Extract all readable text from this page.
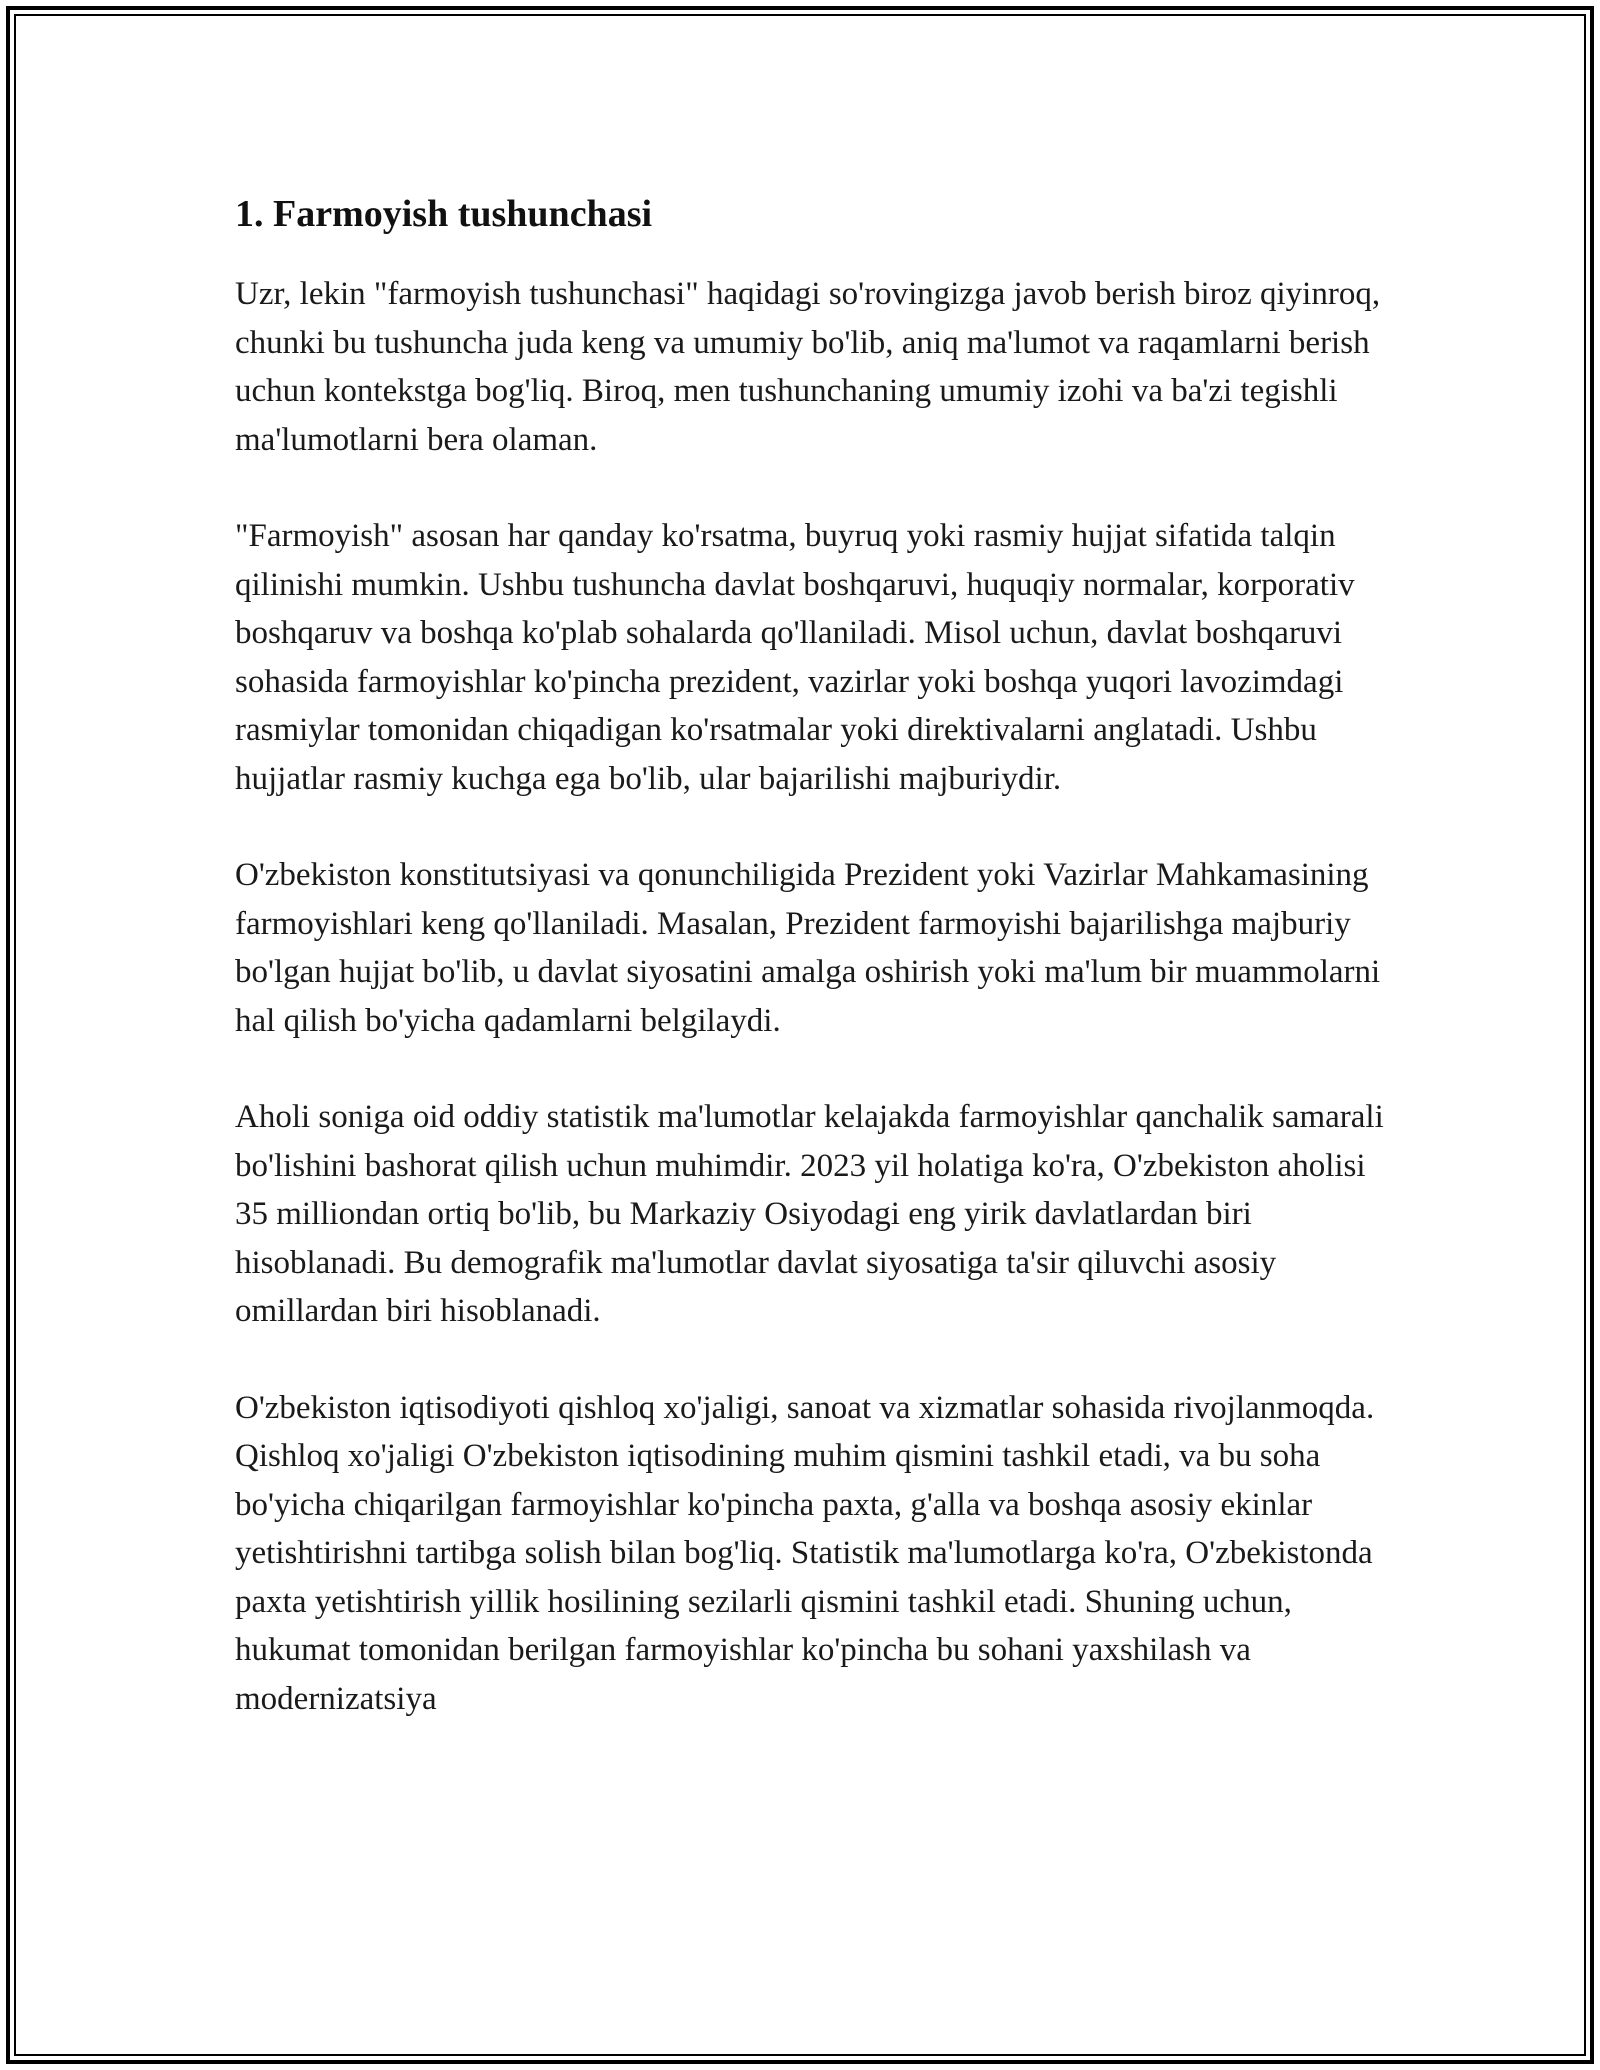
1. Farmoyish tushunchasi

Uzr, lekin "farmoyish tushunchasi" haqidagi so'rovingizga javob berish biroz qiyinroq, chunki bu tushuncha juda keng va umumiy bo'lib, aniq ma'lumot va raqamlarni berish uchun kontekstga bog'liq. Biroq, men tushunchaning umumiy izohi va ba'zi tegishli ma'lumotlarni bera olaman.

"Farmoyish" asosan har qanday ko'rsatma, buyruq yoki rasmiy hujjat sifatida talqin qilinishi mumkin. Ushbu tushuncha davlat boshqaruvi, huquqiy normalar, korporativ boshqaruv va boshqa ko'plab sohalarda qo'llaniladi. Misol uchun, davlat boshqaruvi sohasida farmoyishlar ko'pincha prezident, vazirlar yoki boshqa yuqori lavozimdagi rasmiylar tomonidan chiqadigan ko'rsatmalar yoki direktivalarni anglatadi. Ushbu hujjatlar rasmiy kuchga ega bo'lib, ular bajarilishi majburiydir.

O'zbekiston konstitutsiyasi va qonunchiligida Prezident yoki Vazirlar Mahkamasining farmoyishlari keng qo'llaniladi. Masalan, Prezident farmoyishi bajarilishga majburiy bo'lgan hujjat bo'lib, u davlat siyosatini amalga oshirish yoki ma'lum bir muammolarni hal qilish bo'yicha qadamlarni belgilaydi.

Aholi soniga oid oddiy statistik ma'lumotlar kelajakda farmoyishlar qanchalik samarali bo'lishini bashorat qilish uchun muhimdir. 2023 yil holatiga ko'ra, O'zbekiston aholisi 35 milliondan ortiq bo'lib, bu Markaziy Osiyodagi eng yirik davlatlardan biri hisoblanadi. Bu demografik ma'lumotlar davlat siyosatiga ta'sir qiluvchi asosiy omillardan biri hisoblanadi.

O'zbekiston iqtisodiyoti qishloq xo'jaligi, sanoat va xizmatlar sohasida rivojlanmoqda. Qishloq xo'jaligi O'zbekiston iqtisodining muhim qismini tashkil etadi, va bu soha bo'yicha chiqarilgan farmoyishlar ko'pincha paxta, g'alla va boshqa asosiy ekinlar yetishtirishni tartibga solish bilan bog'liq. Statistik ma'lumotlarga ko'ra, O'zbekistonda paxta yetishtirish yillik hosilining sezilarli qismini tashkil etadi. Shuning uchun, hukumat tomonidan berilgan farmoyishlar ko'pincha bu sohani yaxshilash va modernizatsiya
